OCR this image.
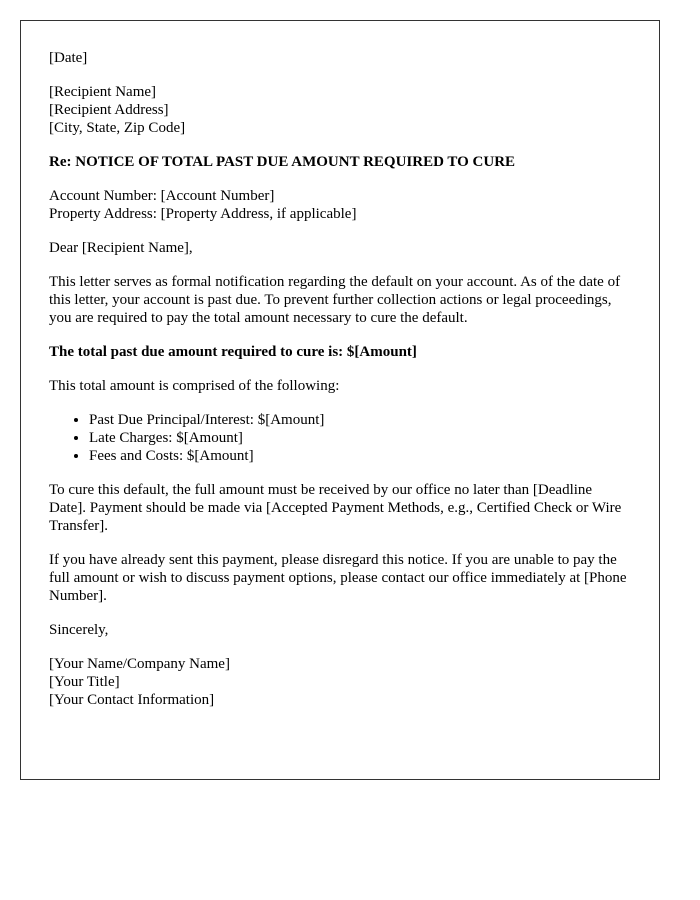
[Date]

[Recipient Name]
[Recipient Address]
[City, State, Zip Code]

Re: NOTICE OF TOTAL PAST DUE AMOUNT REQUIRED TO CURE

Account Number: [Account Number]
Property Address: [Property Address, if applicable]

Dear [Recipient Name],

This letter serves as formal notification regarding the default on your account. As of the date of this letter, your account is past due. To prevent further collection actions or legal proceedings, you are required to pay the total amount necessary to cure the default.

The total past due amount required to cure is: $[Amount]

This total amount is comprised of the following:

• Past Due Principal/Interest: $[Amount]
• Late Charges: $[Amount]
• Fees and Costs: $[Amount]

To cure this default, the full amount must be received by our office no later than [Deadline Date]. Payment should be made via [Accepted Payment Methods, e.g., Certified Check or Wire Transfer].

If you have already sent this payment, please disregard this notice. If you are unable to pay the full amount or wish to discuss payment options, please contact our office immediately at [Phone Number].

Sincerely,

[Your Name/Company Name]
[Your Title]
[Your Contact Information]
